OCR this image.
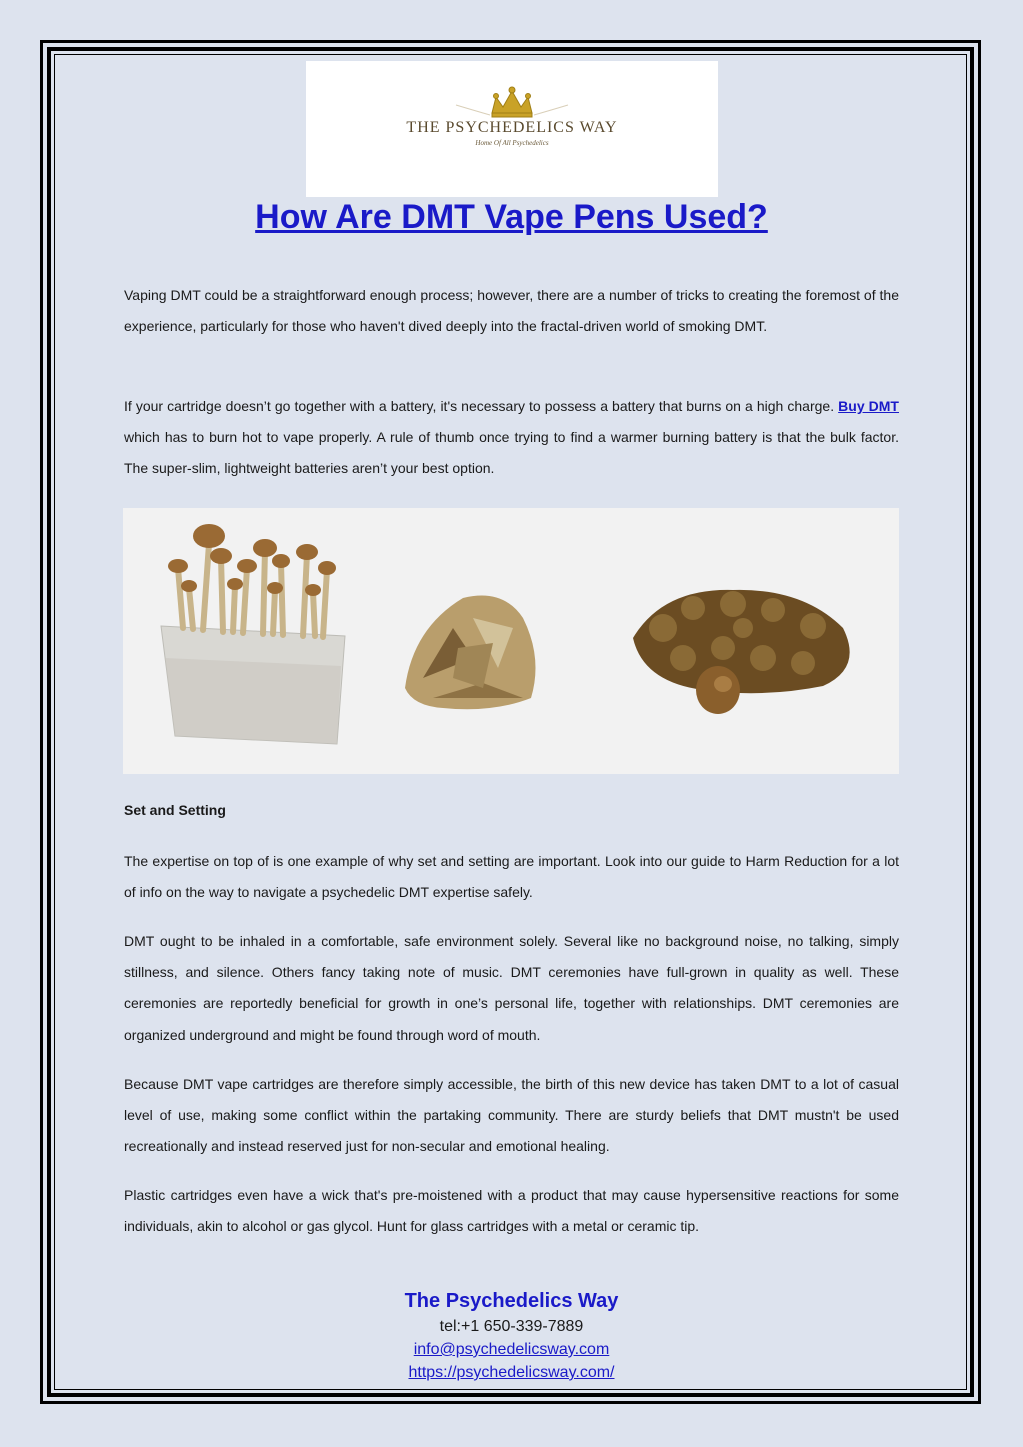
THE PSYCHEDELICS WAY
Home Of All Psychedelics
How Are DMT Vape Pens Used?

Vaping DMT could be a straightforward enough process; however, there are a number of tricks to creating the foremost of the experience, particularly for those who haven't dived deeply into the fractal-driven world of smoking DMT.

If your cartridge doesn’t go together with a battery, it's necessary to possess a battery that burns on a high charge. Buy DMT which has to burn hot to vape properly. A rule of thumb once trying to find a warmer burning battery is that the bulk factor. The super-slim, lightweight batteries aren’t your best option.

Set and Setting

The expertise on top of is one example of why set and setting are important. Look into our guide to Harm Reduction for a lot of info on the way to navigate a psychedelic DMT expertise safely.

DMT ought to be inhaled in a comfortable, safe environment solely. Several like no background noise, no talking, simply stillness, and silence. Others fancy taking note of music. DMT ceremonies have full-grown in quality as well. These ceremonies are reportedly beneficial for growth in one’s personal life, together with relationships. DMT ceremonies are organized underground and might be found through word of mouth.

Because DMT vape cartridges are therefore simply accessible, the birth of this new device has taken DMT to a lot of casual level of use, making some conflict within the partaking community. There are sturdy beliefs that DMT mustn't be used recreationally and instead reserved just for non-secular and emotional healing.

Plastic cartridges even have a wick that's pre-moistened with a product that may cause hypersensitive reactions for some individuals, akin to alcohol or gas glycol. Hunt for glass cartridges with a metal or ceramic tip.

The Psychedelics Way
tel:+1 650-339-7889
info@psychedelicsway.com
https://psychedelicsway.com/
